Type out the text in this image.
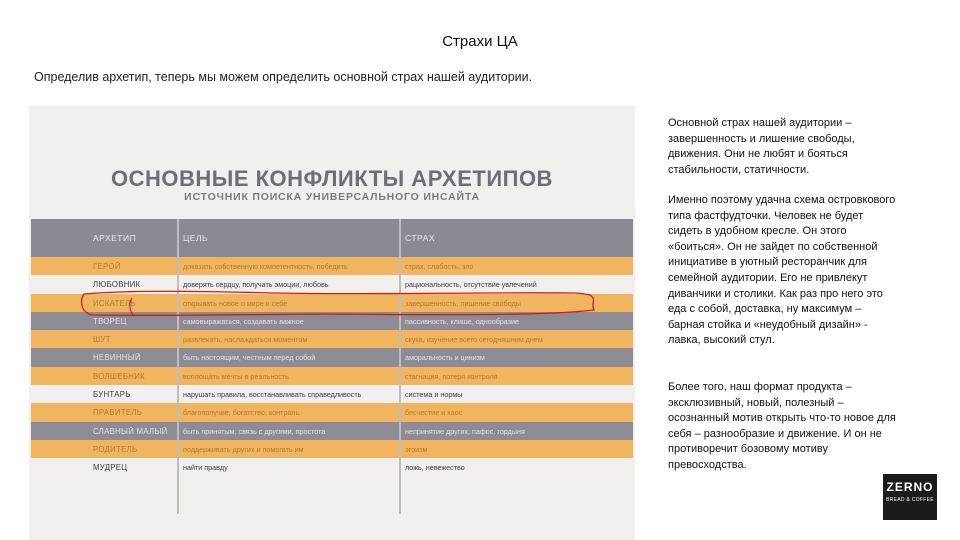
Страхи ЦА
Определив архетип, теперь мы можем определить основной страх нашей аудитории.
ОСНОВНЫЕ КОНФЛИКТЫ АРХЕТИПОВ
ИСТОЧНИК ПОИСКА УНИВЕРСАЛЬНОГО ИНСАЙТА
АРХЕТИП	ЦЕЛЬ	СТРАХ
ГЕРОЙ	доказать собственную компетентность, победить	страх, слабость, зло
ЛЮБОВНИК	доверять сердцу, получать эмоции, любовь	рациональность, отсутствие увлечений
ИСКАТЕЛЬ	открывать новое о мире и себе	завершенность, лишение свободы
ТВОРЕЦ	самовыражаться, создавать важное	пассивность, клише, однообразие
ШУТ	развлекать, наслаждаться моментом	скука, изучение всего сегодняшним днем
НЕВИННЫЙ	быть настоящим, честным перед собой	аморальность и цинизм
ВОЛШЕБНИК	воплощать мечты в реальность	стагнация, потеря контроля
БУНТАРЬ	нарушать правила, восстанавливать справедливость	система и нормы
ПРАВИТЕЛЬ	благополучие, богатство, контроль	бесчестие и хаос
СЛАВНЫЙ МАЛЫЙ	быть принятым, связь с другими, простота	непринятие других, пафос, гордыня
РОДИТЕЛЬ	поддерживать других и помогать им	эгоизм
МУДРЕЦ	найти правду	ложь, невежество
Основной страх нашей аудитории – завершенность и лишение свободы, движения. Они не любят и бояться стабильности, статичности.
Именно поэтому удачна схема островкового типа фастфудточки. Человек не будет сидеть в удобном кресле. Он этого «боиться». Он не зайдет по собственной инициативе в уютный ресторанчик для семейной аудитории. Его не привлекут диванчики и столики. Как раз про него это еда с собой, доставка, ну максимум – барная стойка и «неудобный дизайн» - лавка, высокий стул.
Более того, наш формат продукта – эксклюзивный, новый, полезный – осознанный мотив открыть что-то новое для себя – разнообразие и движение. И он не противоречит бозовому мотиву превосходства.
ZERNO
BREAD & COFFEE
